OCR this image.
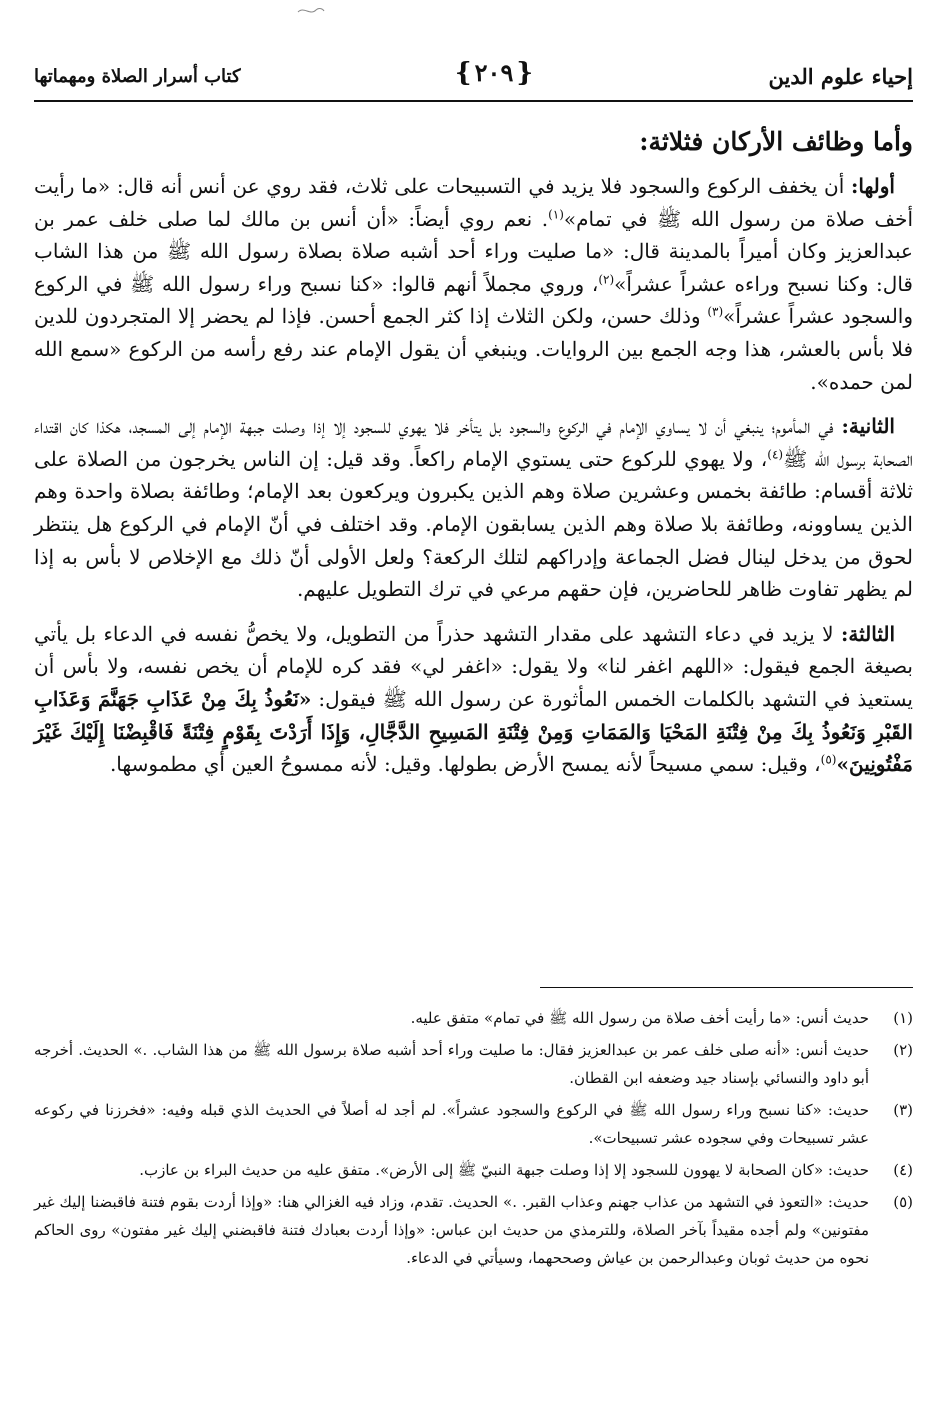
إحياء علوم الدين
{ ٢٠٩ }
كتاب أسرار الصلاة ومهماتها
وأما وظائف الأركان فثلاثة:

أولها: أن يخفف الركوع والسجود فلا يزيد في التسبيحات على ثلاث، فقد روي عن أنس أنه قال: «ما رأيت أخف صلاة من رسول الله ﷺ في تمام»$^{(١)}$. نعم روي أيضاً: «أن أنس بن مالك لما صلى خلف عمر بن عبدالعزيز وكان أميراً بالمدينة قال: «ما صليت وراء أحد أشبه صلاة بصلاة رسول الله ﷺ من هذا الشاب قال: وكنا نسبح وراءه عشراً عشراً»$^{(٢)}$، وروي مجملاً أنهم قالوا: «كنا نسبح وراء رسول الله ﷺ في الركوع والسجود عشراً عشراً»$^{(٣)}$ وذلك حسن، ولكن الثلاث إذا كثر الجمع أحسن. فإذا لم يحضر إلا المتجردون للدين فلا بأس بالعشر، هذا وجه الجمع بين الروايات. وينبغي أن يقول الإمام عند رفع رأسه من الركوع «سمع الله لمن حمده».

الثانية: في المأموم؛ ينبغي أن لا يساوي الإمام في الركوع والسجود بل يتأخر فلا يهوي للسجود إلا إذا وصلت جبهة الإمام إلى المسجد، هكذا كان اقتداء الصحابة برسول الله ﷺ$^{(٤)}$، ولا يهوي للركوع حتى يستوي الإمام راكعاً. وقد قيل: إن الناس يخرجون من الصلاة على ثلاثة أقسام: طائفة بخمس وعشرين صلاة وهم الذين يكبرون ويركعون بعد الإمام؛ وطائفة بصلاة واحدة وهم الذين يساوونه، وطائفة بلا صلاة وهم الذين يسابقون الإمام. وقد اختلف في أنّ الإمام في الركوع هل ينتظر لحوق من يدخل لينال فضل الجماعة وإدراكهم لتلك الركعة؟ ولعل الأولى أنّ ذلك مع الإخلاص لا بأس به إذا لم يظهر تفاوت ظاهر للحاضرين، فإن حقهم مرعي في ترك التطويل عليهم.

الثالثة: لا يزيد في دعاء التشهد على مقدار التشهد حذراً من التطويل، ولا يخصُّ نفسه في الدعاء بل يأتي بصيغة الجمع فيقول: «اللهم اغفر لنا» ولا يقول: «اغفر لي» فقد كره للإمام أن يخص نفسه، ولا بأس أن يستعيذ في التشهد بالكلمات الخمس المأثورة عن رسول الله ﷺ فيقول: «نَعُوذُ بِكَ مِنْ عَذَابِ جَهَنَّمَ وَعَذَابِ القَبْرِ وَنَعُوذُ بِكَ مِنْ فِتْنَةِ المَحْيَا وَالمَمَاتِ وَمِنْ فِتْنَةِ المَسِيحِ الدَّجَّالِ، وَإِذَا أَرَدْتَ بِقَوْمٍ فِتْنَةً فَاقْبِضْنَا إِلَيْكَ غَيْرَ مَفْتُونِينَ»$^{(٥)}$، وقيل: سمي مسيحاً لأنه يمسح الأرض بطولها. وقيل: لأنه ممسوحُ العين أي مطموسها.

(١)
حديث أنس: «ما رأيت أخف صلاة من رسول الله ﷺ في تمام» متفق عليه.
(٢)
حديث أنس: «أنه صلى خلف عمر بن عبدالعزيز فقال: ما صليت وراء أحد أشبه صلاة برسول الله ﷺ من هذا الشاب. .» الحديث. أخرجه أبو داود والنسائي بإسناد جيد وضعفه ابن القطان.
(٣)
حديث: «كنا نسبح وراء رسول الله ﷺ في الركوع والسجود عشراً». لم أجد له أصلاً في الحديث الذي قبله وفيه: «فخرزنا في ركوعه عشر تسبيحات وفي سجوده عشر تسبيحات».
(٤)
حديث: «كان الصحابة لا يهوون للسجود إلا إذا وصلت جبهة النبيّ ﷺ إلى الأرض». متفق عليه من حديث البراء بن عازب.
(٥)
حديث: «التعوذ في التشهد من عذاب جهنم وعذاب القبر. .» الحديث. تقدم، وزاد فيه الغزالي هنا: «وإذا أردت بقوم فتنة فاقبضنا إليك غير مفتونين» ولم أجده مقيداً بآخر الصلاة، وللترمذي من حديث ابن عباس: «وإذا أردت بعبادك فتنة فاقبضني إليك غير مفتون» روى الحاكم نحوه من حديث ثوبان وعبدالرحمن بن عياش وصححهما، وسيأتي في الدعاء.
